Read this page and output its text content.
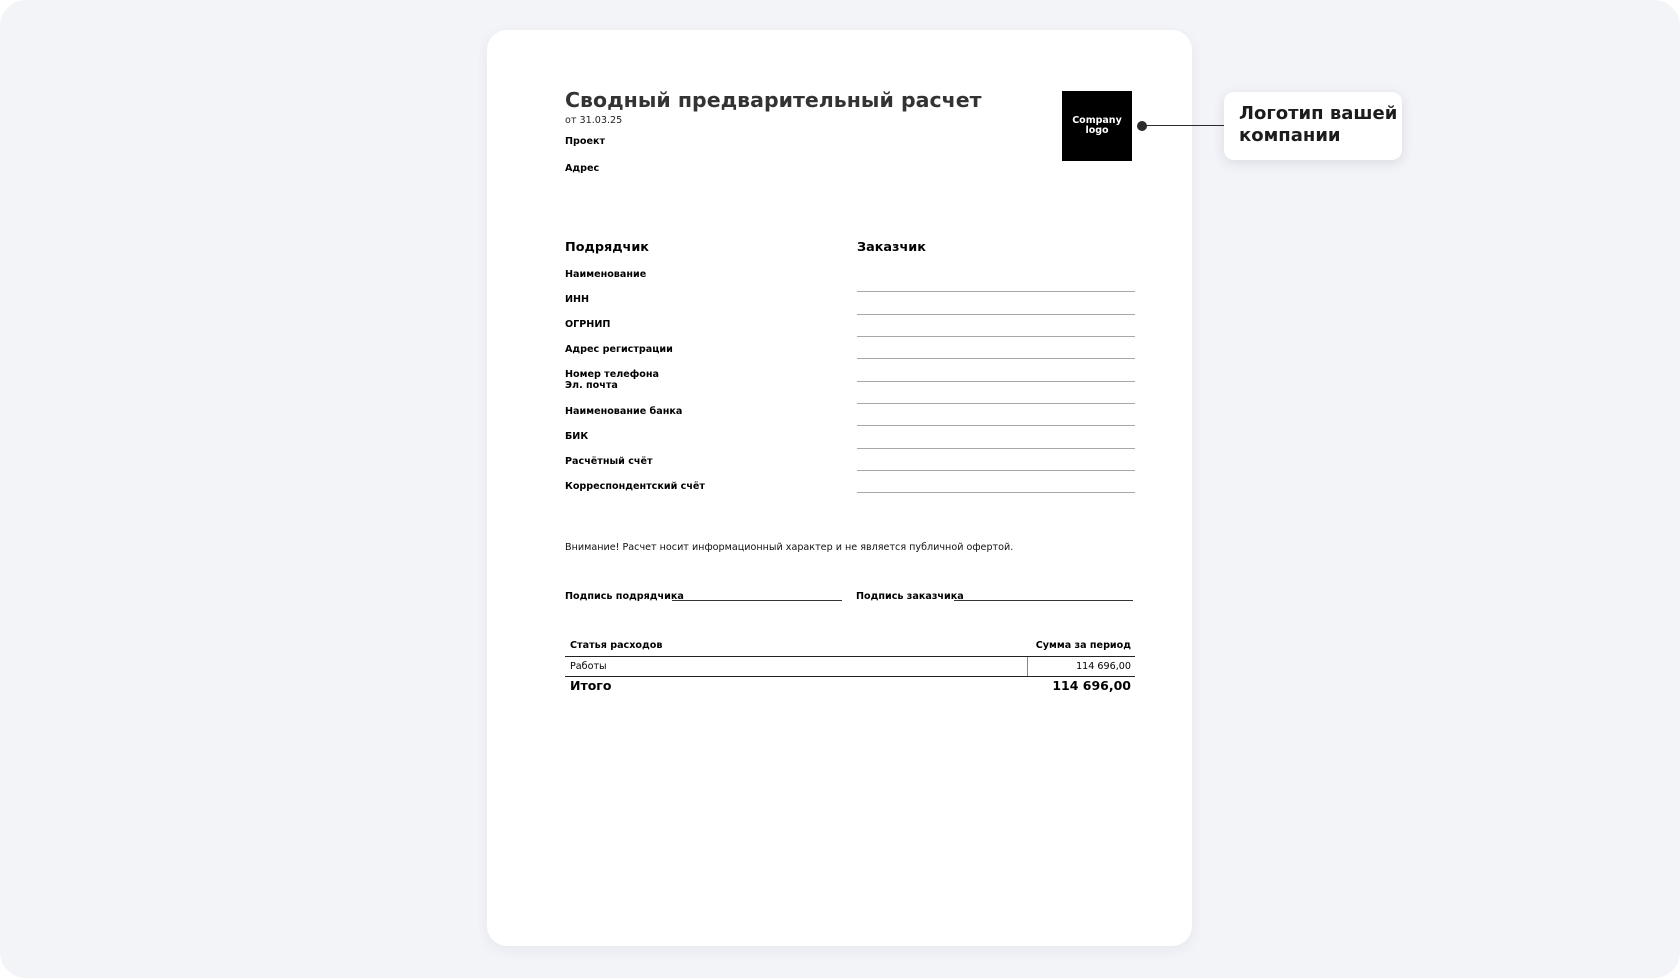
Сводный предварительный расчет
от 31.03.25
Проект
Адрес
Company logo
Подрядчик	Заказчик
Наименование
ИНН
ОГРНИП
Адрес регистрации
Номер телефона
Эл. почта
Наименование банка
БИК
Расчётный счёт
Корреспондентский счёт
Внимание! Расчет носит информационный характер и не является публичной офертой.
Подпись подрядчика	Подпись заказчика
Статья расходов	Сумма за период
Работы	114 696,00
Итого	114 696,00
Логотип вашей компании
